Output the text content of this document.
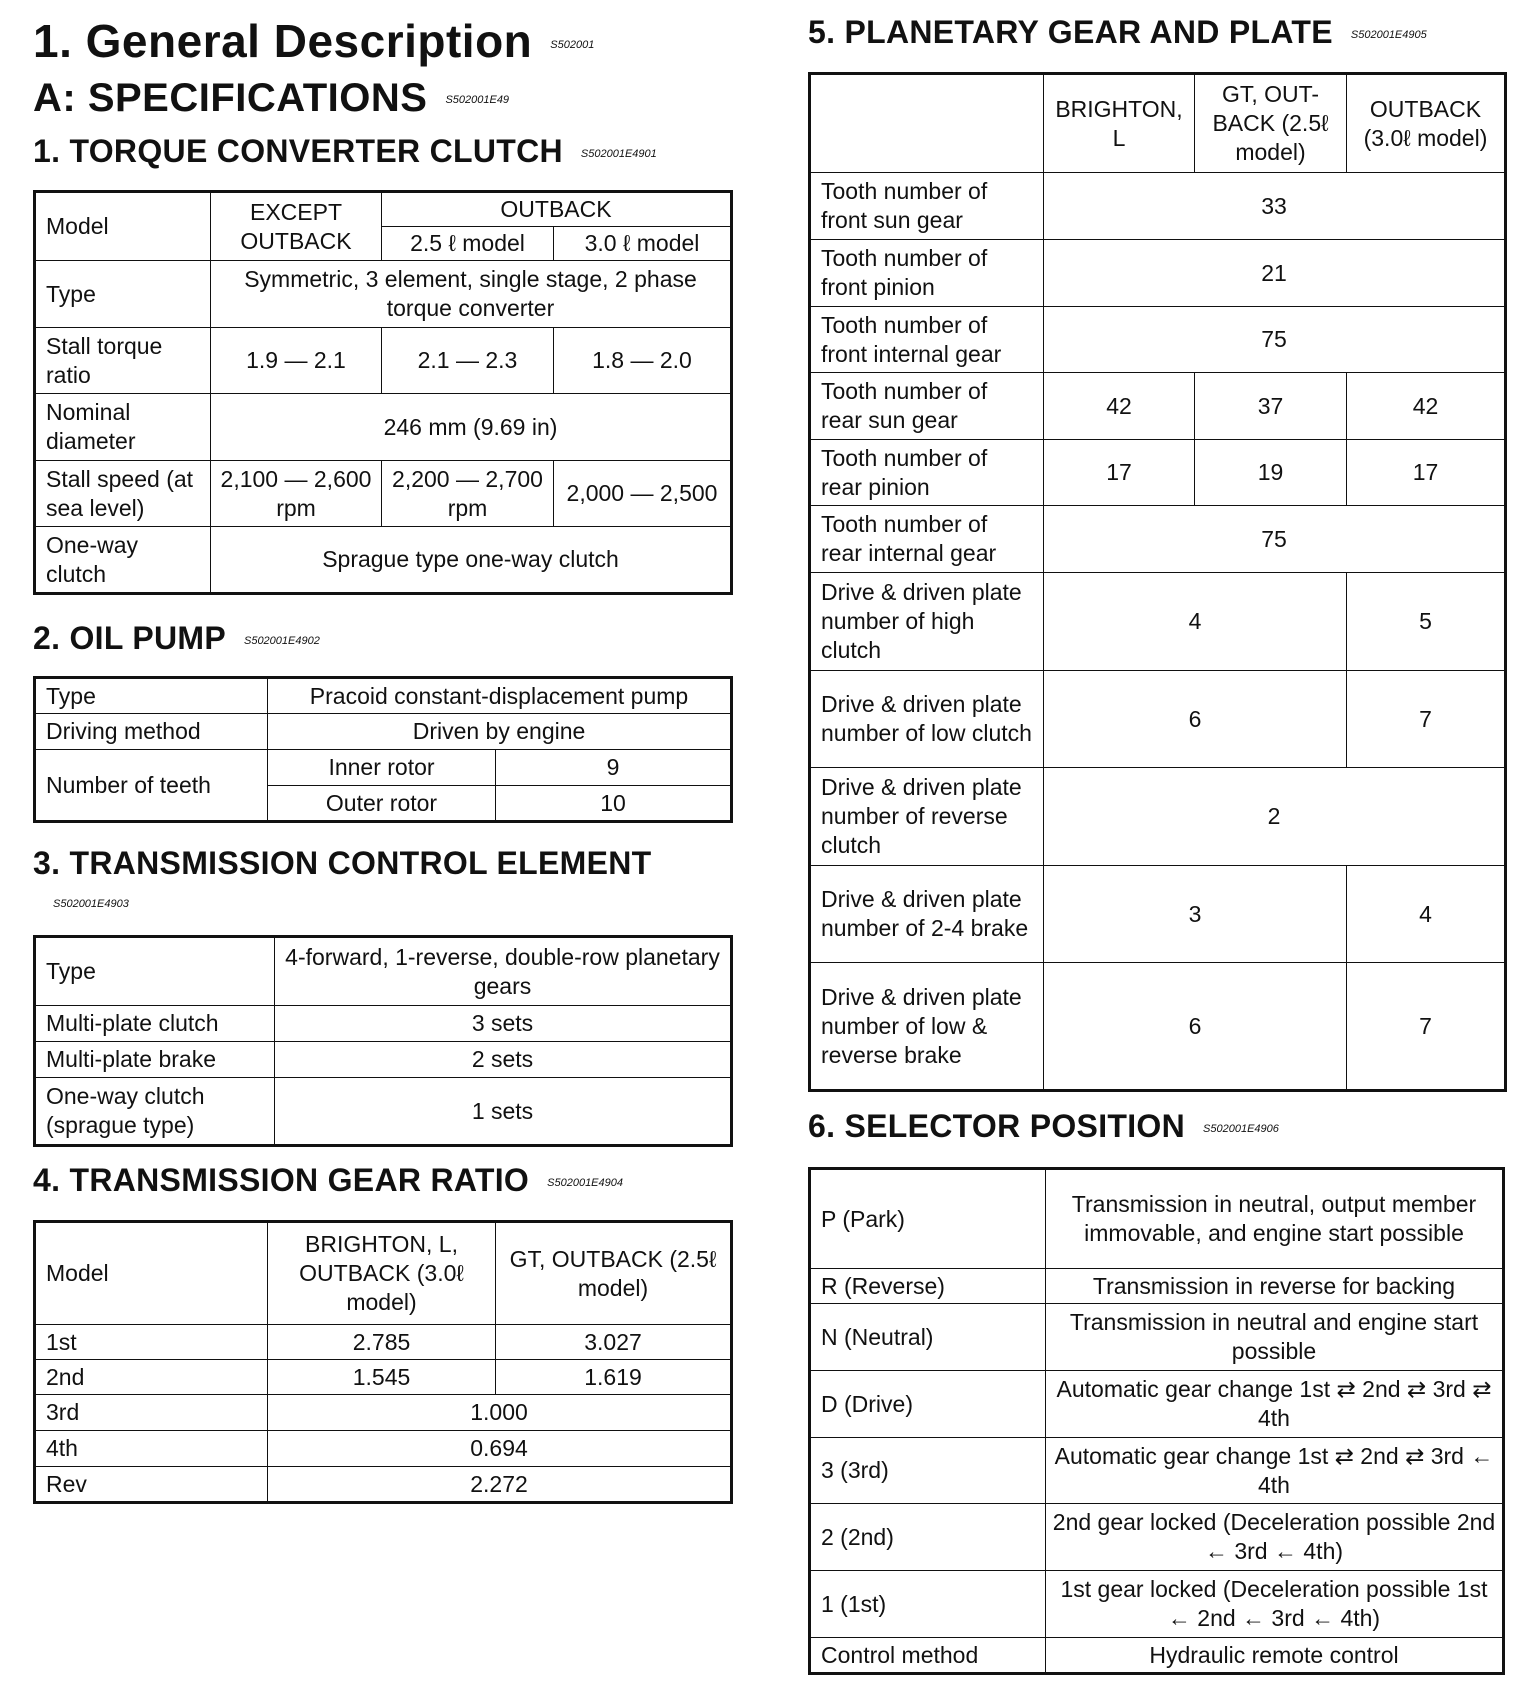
1. General Description S502001
A: SPECIFICATIONS S502001E49
1. TORQUE CONVERTER CLUTCH S502001E4901
Model	EXCEPT OUTBACK	OUTBACK	
		2.5 ℓ model	3.0 ℓ model
Type	Symmetric, 3 element, single stage, 2 phase torque converter		
Stall torque ratio	1.9 — 2.1	2.1 — 2.3	1.8 — 2.0
Nominal diameter	246 mm (9.69 in)		
Stall speed (at sea level)	2,100 — 2,600 rpm	2,200 — 2,700 rpm	2,000 — 2,500
One-way clutch	Sprague type one-way clutch		
2. OIL PUMP S502001E4902
Type	Pracoid constant-displacement pump	
Driving method	Driven by engine	
Number of teeth	Inner rotor	9
	Outer rotor	10
3. TRANSMISSION CONTROL ELEMENT
S502001E4903
Type	4-forward, 1-reverse, double-row planetary gears
Multi-plate clutch	3 sets
Multi-plate brake	2 sets
One-way clutch (sprague type)	1 sets
4. TRANSMISSION GEAR RATIO S502001E4904
Model	BRIGHTON, L, OUTBACK (3.0ℓ model)	GT, OUTBACK (2.5ℓ model)
1st	2.785	3.027
2nd	1.545	1.619
3rd	1.000	
4th	0.694	
Rev	2.272	
5. PLANETARY GEAR AND PLATE S502001E4905
	BRIGHTON, L	GT, OUT-BACK (2.5ℓ model)	OUTBACK (3.0ℓ model)
Tooth number of front sun gear	33		
Tooth number of front pinion	21		
Tooth number of front internal gear	75		
Tooth number of rear sun gear	42	37	42
Tooth number of rear pinion	17	19	17
Tooth number of rear internal gear	75		
Drive & driven plate number of high clutch	4		5
Drive & driven plate number of low clutch	6		7
Drive & driven plate number of reverse clutch	2		
Drive & driven plate number of 2-4 brake	3		4
Drive & driven plate number of low & reverse brake	6		7
6. SELECTOR POSITION S502001E4906
P (Park)	Transmission in neutral, output member immovable, and engine start possible
R (Reverse)	Transmission in reverse for backing
N (Neutral)	Transmission in neutral and engine start possible
D (Drive)	Automatic gear change 1st ⇄ 2nd ⇄ 3rd ⇄ 4th
3 (3rd)	Automatic gear change 1st ⇄ 2nd ⇄ 3rd ← 4th
2 (2nd)	2nd gear locked (Deceleration possible 2nd ← 3rd ← 4th)
1 (1st)	1st gear locked (Deceleration possible 1st ← 2nd ← 3rd ← 4th)
Control method	Hydraulic remote control
